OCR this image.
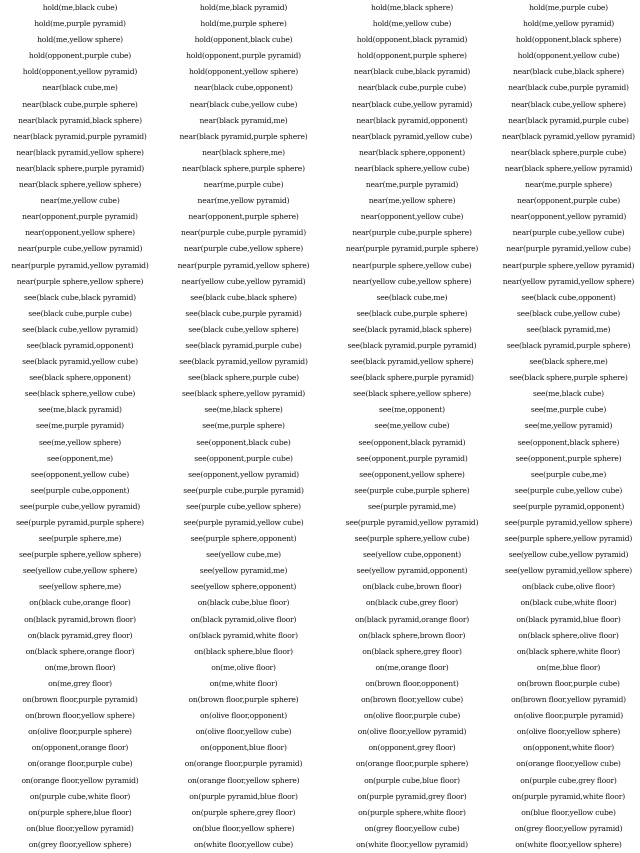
hold(me,black cube)	hold(me,black pyramid)	hold(me,black sphere)	hold(me,purple cube)
hold(me,purple pyramid)	hold(me,purple sphere)	hold(me,yellow cube)	hold(me,yellow pyramid)
hold(me,yellow sphere)	hold(opponent,black cube)	hold(opponent,black pyramid)	hold(opponent,black sphere)
hold(opponent,purple cube)	hold(opponent,purple pyramid)	hold(opponent,purple sphere)	hold(opponent,yellow cube)
hold(opponent,yellow pyramid)	hold(opponent,yellow sphere)	near(black cube,black pyramid)	near(black cube,black sphere)
near(black cube,me)	near(black cube,opponent)	near(black cube,purple cube)	near(black cube,purple pyramid)
near(black cube,purple sphere)	near(black cube,yellow cube)	near(black cube,yellow pyramid)	near(black cube,yellow sphere)
near(black pyramid,black sphere)	near(black pyramid,me)	near(black pyramid,opponent)	near(black pyramid,purple cube)
near(black pyramid,purple pyramid)	near(black pyramid,purple sphere)	near(black pyramid,yellow cube)	near(black pyramid,yellow pyramid)
near(black pyramid,yellow sphere)	near(black sphere,me)	near(black sphere,opponent)	near(black sphere,purple cube)
near(black sphere,purple pyramid)	near(black sphere,purple sphere)	near(black sphere,yellow cube)	near(black sphere,yellow pyramid)
near(black sphere,yellow sphere)	near(me,purple cube)	near(me,purple pyramid)	near(me,purple sphere)
near(me,yellow cube)	near(me,yellow pyramid)	near(me,yellow sphere)	near(opponent,purple cube)
near(opponent,purple pyramid)	near(opponent,purple sphere)	near(opponent,yellow cube)	near(opponent,yellow pyramid)
near(opponent,yellow sphere)	near(purple cube,purple pyramid)	near(purple cube,purple sphere)	near(purple cube,yellow cube)
near(purple cube,yellow pyramid)	near(purple cube,yellow sphere)	near(purple pyramid,purple sphere)	near(purple pyramid,yellow cube)
near(purple pyramid,yellow pyramid)	near(purple pyramid,yellow sphere)	near(purple sphere,yellow cube)	near(purple sphere,yellow pyramid)
near(purple sphere,yellow sphere)	near(yellow cube,yellow pyramid)	near(yellow cube,yellow sphere)	near(yellow pyramid,yellow sphere)
see(black cube,black pyramid)	see(black cube,black sphere)	see(black cube,me)	see(black cube,opponent)
see(black cube,purple cube)	see(black cube,purple pyramid)	see(black cube,purple sphere)	see(black cube,yellow cube)
see(black cube,yellow pyramid)	see(black cube,yellow sphere)	see(black pyramid,black sphere)	see(black pyramid,me)
see(black pyramid,opponent)	see(black pyramid,purple cube)	see(black pyramid,purple pyramid)	see(black pyramid,purple sphere)
see(black pyramid,yellow cube)	see(black pyramid,yellow pyramid)	see(black pyramid,yellow sphere)	see(black sphere,me)
see(black sphere,opponent)	see(black sphere,purple cube)	see(black sphere,purple pyramid)	see(black sphere,purple sphere)
see(black sphere,yellow cube)	see(black sphere,yellow pyramid)	see(black sphere,yellow sphere)	see(me,black cube)
see(me,black pyramid)	see(me,black sphere)	see(me,opponent)	see(me,purple cube)
see(me,purple pyramid)	see(me,purple sphere)	see(me,yellow cube)	see(me,yellow pyramid)
see(me,yellow sphere)	see(opponent,black cube)	see(opponent,black pyramid)	see(opponent,black sphere)
see(opponent,me)	see(opponent,purple cube)	see(opponent,purple pyramid)	see(opponent,purple sphere)
see(opponent,yellow cube)	see(opponent,yellow pyramid)	see(opponent,yellow sphere)	see(purple cube,me)
see(purple cube,opponent)	see(purple cube,purple pyramid)	see(purple cube,purple sphere)	see(purple cube,yellow cube)
see(purple cube,yellow pyramid)	see(purple cube,yellow sphere)	see(purple pyramid,me)	see(purple pyramid,opponent)
see(purple pyramid,purple sphere)	see(purple pyramid,yellow cube)	see(purple pyramid,yellow pyramid)	see(purple pyramid,yellow sphere)
see(purple sphere,me)	see(purple sphere,opponent)	see(purple sphere,yellow cube)	see(purple sphere,yellow pyramid)
see(purple sphere,yellow sphere)	see(yellow cube,me)	see(yellow cube,opponent)	see(yellow cube,yellow pyramid)
see(yellow cube,yellow sphere)	see(yellow pyramid,me)	see(yellow pyramid,opponent)	see(yellow pyramid,yellow sphere)
see(yellow sphere,me)	see(yellow sphere,opponent)	on(black cube,brown floor)	on(black cube,olive floor)
on(black cube,orange floor)	on(black cube,blue floor)	on(black cube,grey floor)	on(black cube,white floor)
on(black pyramid,brown floor)	on(black pyramid,olive floor)	on(black pyramid,orange floor)	on(black pyramid,blue floor)
on(black pyramid,grey floor)	on(black pyramid,white floor)	on(black sphere,brown floor)	on(black sphere,olive floor)
on(black sphere,orange floor)	on(black sphere,blue floor)	on(black sphere,grey floor)	on(black sphere,white floor)
on(me,brown floor)	on(me,olive floor)	on(me,orange floor)	on(me,blue floor)
on(me,grey floor)	on(me,white floor)	on(brown floor,opponent)	on(brown floor,purple cube)
on(brown floor,purple pyramid)	on(brown floor,purple sphere)	on(brown floor,yellow cube)	on(brown floor,yellow pyramid)
on(brown floor,yellow sphere)	on(olive floor,opponent)	on(olive floor,purple cube)	on(olive floor,purple pyramid)
on(olive floor,purple sphere)	on(olive floor,yellow cube)	on(olive floor,yellow pyramid)	on(olive floor,yellow sphere)
on(opponent,orange floor)	on(opponent,blue floor)	on(opponent,grey floor)	on(opponent,white floor)
on(orange floor,purple cube)	on(orange floor,purple pyramid)	on(orange floor,purple sphere)	on(orange floor,yellow cube)
on(orange floor,yellow pyramid)	on(orange floor,yellow sphere)	on(purple cube,blue floor)	on(purple cube,grey floor)
on(purple cube,white floor)	on(purple pyramid,blue floor)	on(purple pyramid,grey floor)	on(purple pyramid,white floor)
on(purple sphere,blue floor)	on(purple sphere,grey floor)	on(purple sphere,white floor)	on(blue floor,yellow cube)
on(blue floor,yellow pyramid)	on(blue floor,yellow sphere)	on(grey floor,yellow cube)	on(grey floor,yellow pyramid)
on(grey floor,yellow sphere)	on(white floor,yellow cube)	on(white floor,yellow pyramid)	on(white floor,yellow sphere)
